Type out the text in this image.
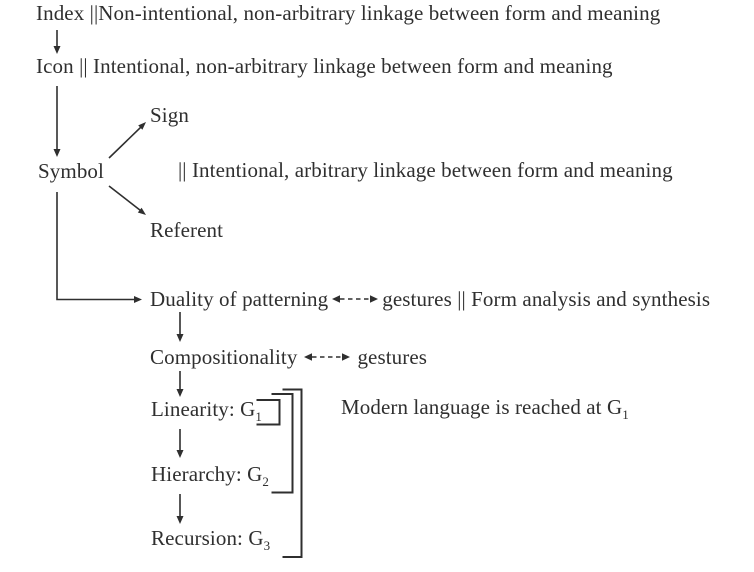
Index ||Non-intentional, non-arbitrary linkage between form and meaning
Icon || Intentional, non-arbitrary linkage between form and meaning
Sign
Symbol	|| Intentional, arbitrary linkage between form and meaning
Referent
Duality of patterning	gestures || Form analysis and synthesis
Compositionality	gestures
Linearity: $G_1$	Modern language is reached at $G_1$
Hierarchy: $G_2$
Recursion: $G_3$
